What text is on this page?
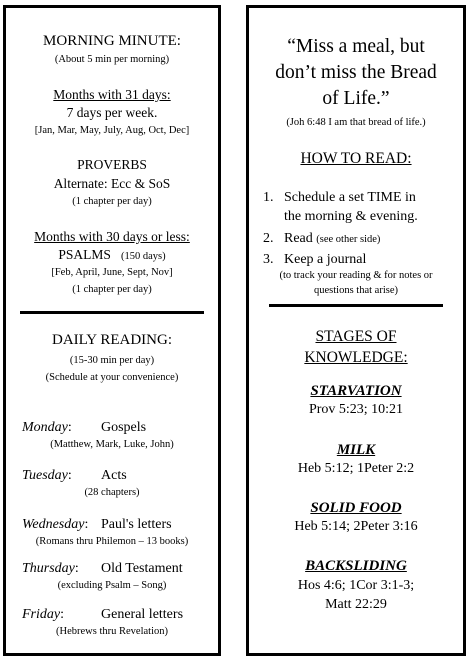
MORNING MINUTE:
(About 5 min per morning)
Months with 31 days:
7 days per week.
[Jan, Mar, May, July, Aug, Oct, Dec]
PROVERBS
Alternate: Ecc & SoS
(1 chapter per day)
Months with 30 days or less:
PSALMS (150 days)
[Feb, April, June, Sept, Nov]
(1 chapter per day)
DAILY READING:
(15-30 min per day)
(Schedule at your convenience)
Monday: Gospels
(Matthew, Mark, Luke, John)
Tuesday: Acts
(28 chapters)
Wednesday: Paul's letters
(Romans thru Philemon – 13 books)
Thursday: Old Testament
(excluding Psalm – Song)
Friday:	General letters
(Hebrews thru Revelation)
“Miss a meal, but
don’t miss the Bread
of Life.”
(Joh 6:48 I am that bread of life.)
HOW TO READ:
1. Schedule a set TIME in
the morning & evening.
2. Read (see other side)
3. Keep a journal
(to track your reading & for notes or
questions that arise)
STAGES OF
KNOWLEDGE:
STARVATION
Prov 5:23; 10:21
MILK
Heb 5:12; 1Peter 2:2
SOLID FOOD
Heb 5:14; 2Peter 3:16
BACKSLIDING
Hos 4:6; 1Cor 3:1-3;
Matt 22:29
